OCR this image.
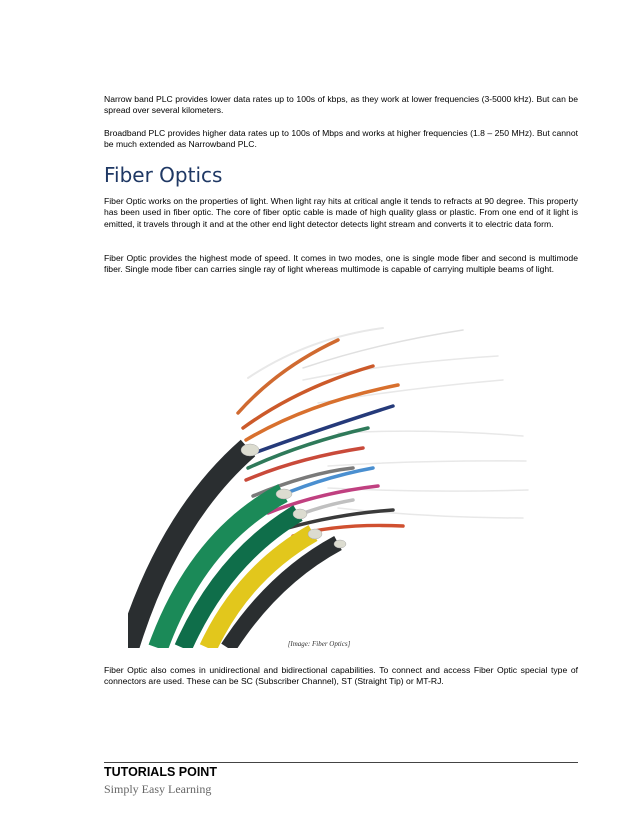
Narrow band PLC provides lower data rates up to 100s of kbps, as they work at lower frequencies (3-5000 kHz). But can be spread over several kilometers.

Broadband PLC provides higher data rates up to 100s of Mbps and works at higher frequencies (1.8 – 250 MHz). But cannot be much extended as Narrowband PLC.

Fiber Optics

Fiber Optic works on the properties of light. When light ray hits at critical angle it tends to refracts at 90 degree. This property has been used in fiber optic. The core of fiber optic cable is made of high quality glass or plastic. From one end of it light is emitted, it travels through it and at the other end light detector detects light stream and converts it to electric data form.

Fiber Optic provides the highest mode of speed. It comes in two modes, one is single mode fiber and second is multimode fiber. Single mode fiber can carries single ray of light whereas multimode is capable of carrying multiple beams of light.

[Image: Fiber Optics]

Fiber Optic also comes in unidirectional and bidirectional capabilities. To connect and access Fiber Optic special type of connectors are used. These can be SC (Subscriber Channel), ST (Straight Tip) or MT-RJ.

TUTORIALS POINT

Simply Easy Learning
